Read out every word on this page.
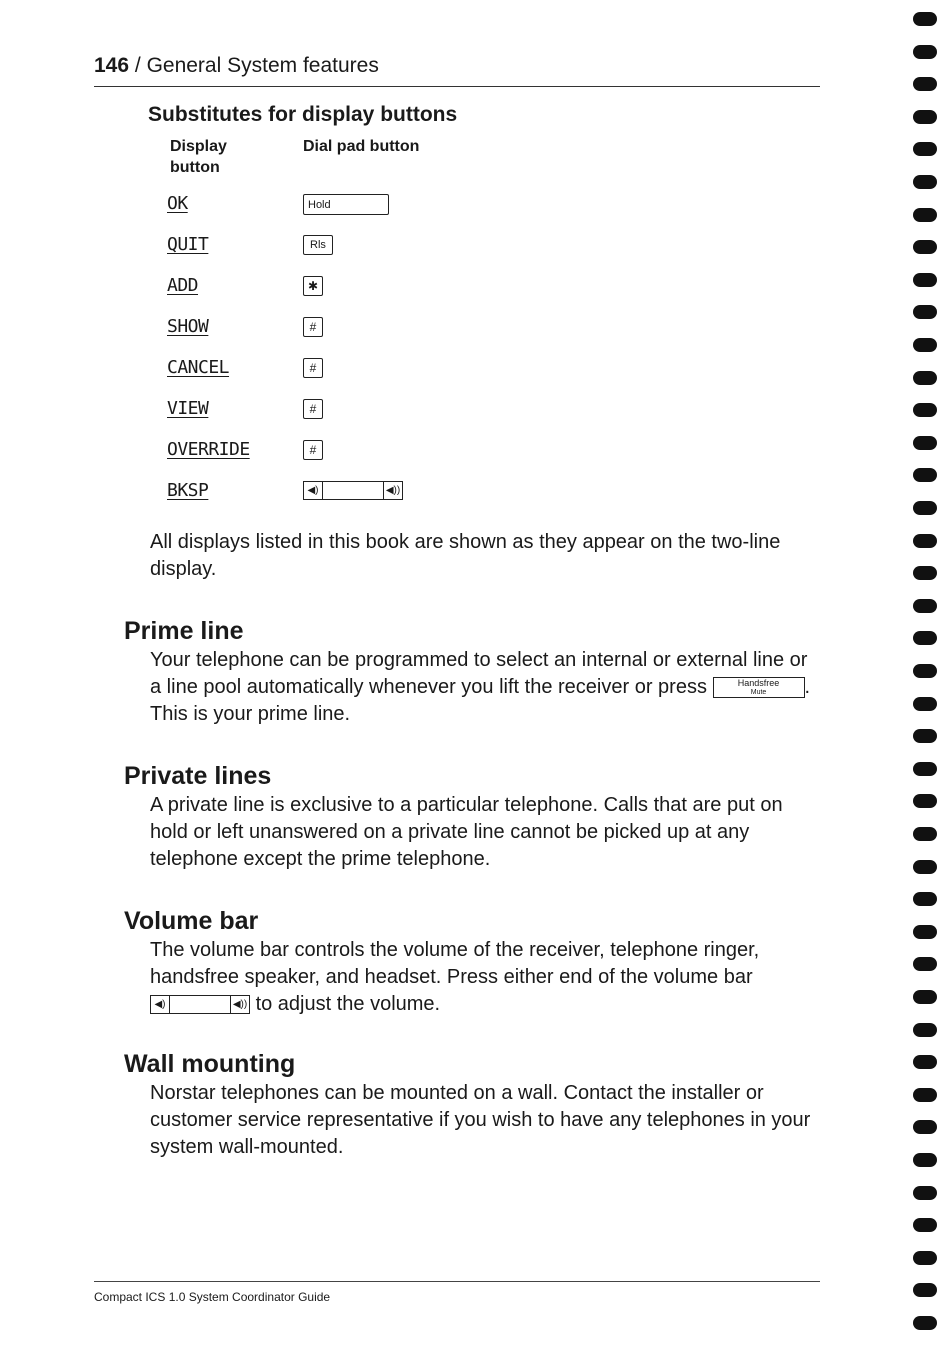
146 / General System features
Substitutes for display buttons
Display button
Dial pad button
OK	Hold
QUIT	Rls
ADD	✱
SHOW	#
CANCEL	#
VIEW	#
OVERRIDE	#
BKSP	◀)	◀))
All displays listed in this book are shown as they appear on the two-line display.
Prime line
Your telephone can be programmed to select an internal or external line or a line pool automatically whenever you lift the receiver or press	Handsfree
Mute . This is your prime line.
Private lines
A private line is exclusive to a particular telephone. Calls that are put on hold or left unanswered on a private line cannot be picked up at any telephone except the prime telephone.
Volume bar
The volume bar controls the volume of the receiver, telephone ringer, handsfree speaker, and headset. Press either end of the volume bar
◀)	◀)) to adjust the volume.
Wall mounting
Norstar telephones can be mounted on a wall. Contact the installer or customer service representative if you wish to have any telephones in your system wall-mounted.
Compact ICS 1.0 System Coordinator Guide
